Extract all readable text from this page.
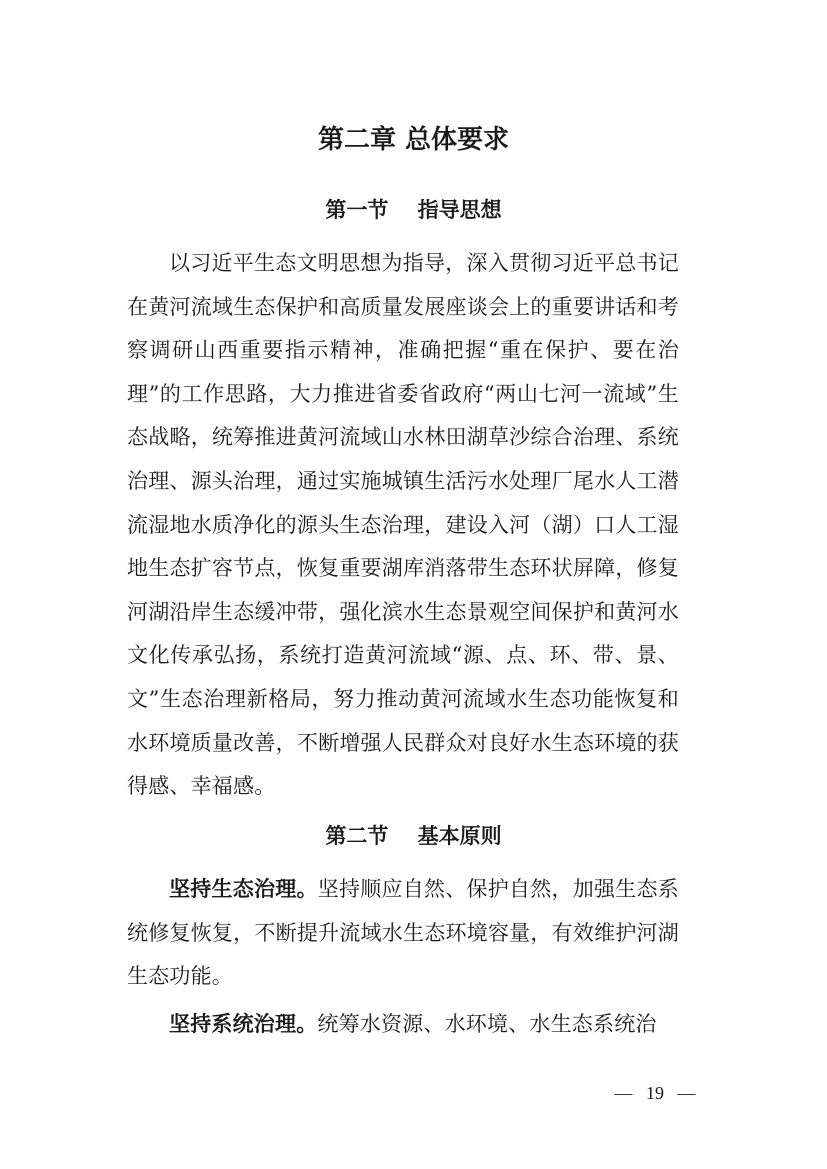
第二章 总体要求
第一节    指导思想

以习近平生态文明思想为指导，深入贯彻习近平总书记在黄河流域生态保护和高质量发展座谈会上的重要讲话和考察调研山西重要指示精神，准确把握“重在保护、要在治理”的工作思路，大力推进省委省政府“两山七河一流域”生态战略，统筹推进黄河流域山水林田湖草沙综合治理、系统治理、源头治理，通过实施城镇生活污水处理厂尾水人工潜流湿地水质净化的源头生态治理，建设入河（湖）口人工湿地生态扩容节点，恢复重要湖库消落带生态环状屏障，修复河湖沿岸生态缓冲带，强化滨水生态景观空间保护和黄河水文化传承弘扬，系统打造黄河流域“源、点、环、带、景、文”生态治理新格局，努力推动黄河流域水生态功能恢复和水环境质量改善，不断增强人民群众对良好水生态环境的获得感、幸福感。

第二节    基本原则

坚持生态治理。坚持顺应自然、保护自然，加强生态系统修复恢复，不断提升流域水生态环境容量，有效维护河湖生态功能。

坚持系统治理。统筹水资源、水环境、水生态系统治

—   19   —
